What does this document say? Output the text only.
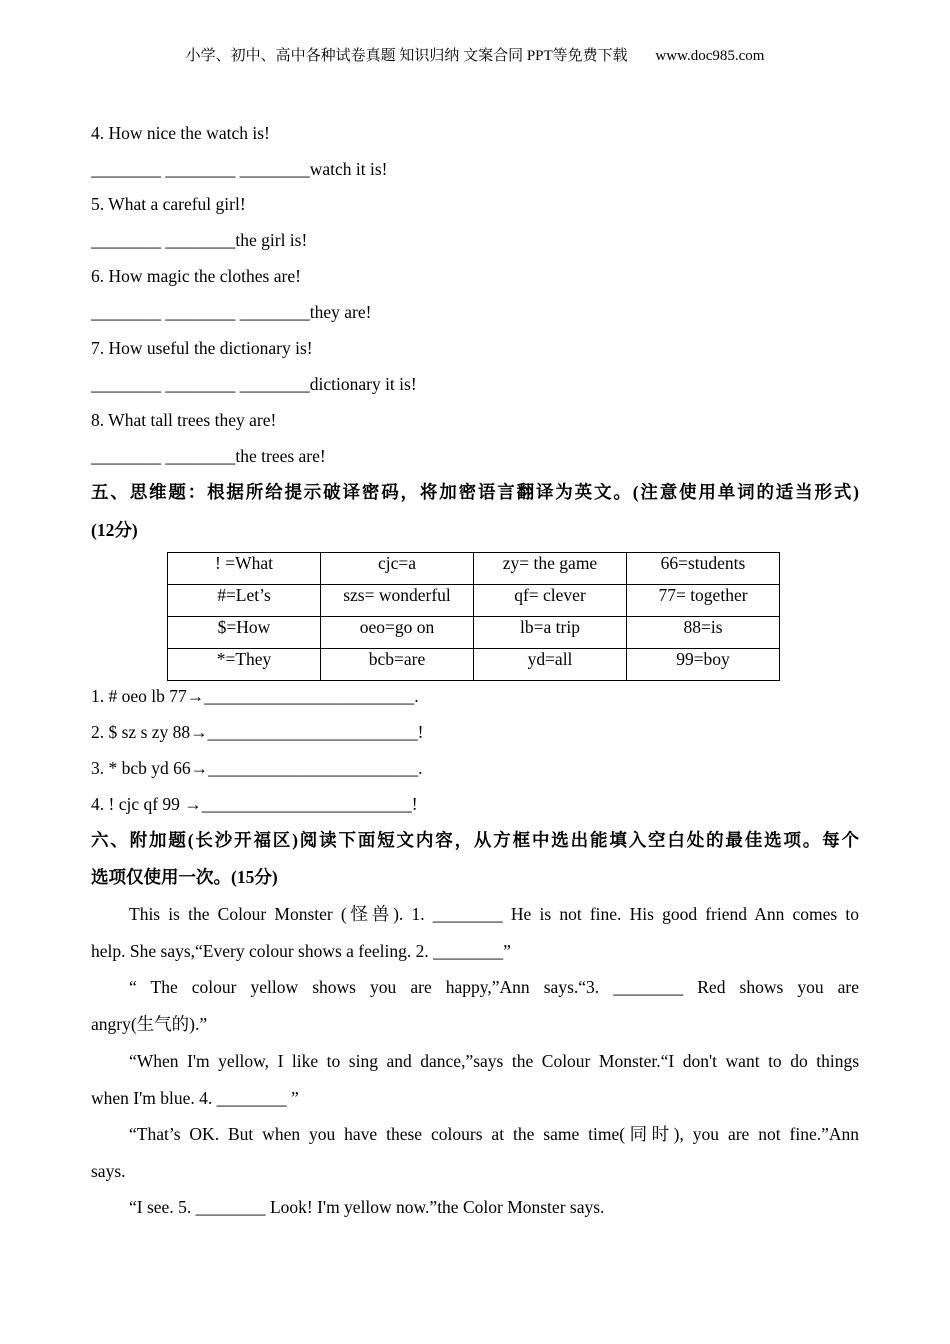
小学、初中、高中各种试卷真题 知识归纳 文案合同 PPT等免费下载 www.doc985.com
4. How nice the watch is!
________ ________ ________watch it is!
5. What a careful girl!
________ ________the girl is!
6. How magic the clothes are!
________ ________ ________they are!
7. How useful the dictionary is!
________ ________ ________dictionary it is!
8. What tall trees they are!
________ ________the trees are!
五、思维题：根据所给提示破译密码，将加密语言翻译为英文。(注意使用单词的适当形式)
(12分)
! =What	cjc=a	zy= the game	66=students
#=Let’s	szs= wonderful	qf= clever	77= together
$=How	oeo=go on	lb=a trip	88=is
*=They	bcb=are	yd=all	99=boy
1. # oeo lb 77→________________________.
2. $ sz s zy 88→________________________!
3. * bcb yd 66→________________________.
4. ! cjc qf 99 →________________________!
六、附加题(长沙开福区)阅读下面短文内容，从方框中选出能填入空白处的最佳选项。每个
选项仅使用一次。(15分)
This is the Colour Monster (怪兽). 1. ________ He is not fine. His good friend Ann comes to
help. She says,“Every colour shows a feeling. 2. ________”
“ The colour yellow shows you are happy,”Ann says.“3. ________ Red shows you are
angry(生气的).”
“When I'm yellow, I like to sing and dance,”says the Colour Monster.“I don't want to do things
when I'm blue. 4. ________ ”
“That’s OK. But when you have these colours at the same time(同时), you are not fine.”Ann
says.
“I see. 5. ________ Look! I'm yellow now.”the Color Monster says.
